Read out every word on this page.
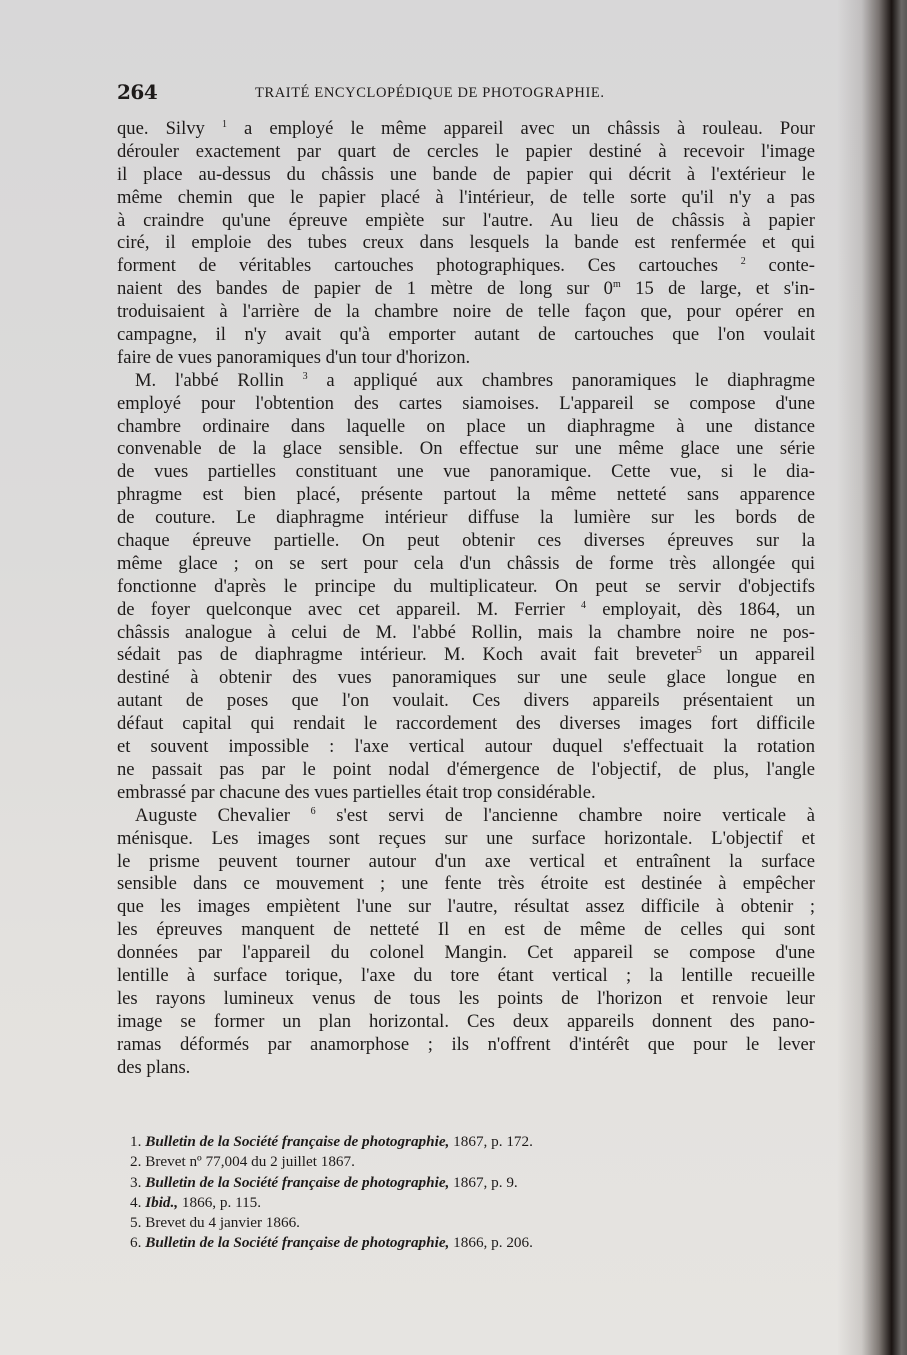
264	TRAITÉ ENCYCLOPÉDIQUE DE PHOTOGRAPHIE.
que. Silvy $^1$ a employé le même appareil avec un châssis à rouleau. Pour
dérouler exactement par quart de cercles le papier destiné à recevoir l'image
il place au-dessus du châssis une bande de papier qui décrit à l'extérieur le
même chemin que le papier placé à l'intérieur, de telle sorte qu'il n'y a pas
à craindre qu'une épreuve empiète sur l'autre. Au lieu de châssis à papier
ciré, il emploie des tubes creux dans lesquels la bande est renfermée et qui
forment de véritables cartouches photographiques. Ces cartouches $^2$ conte-
naient des bandes de papier de 1 mètre de long sur 0$^m$ 15 de large, et s'in-
troduisaient à l'arrière de la chambre noire de telle façon que, pour opérer en
campagne, il n'y avait qu'à emporter autant de cartouches que l'on voulait
faire de vues panoramiques d'un tour d'horizon.
M. l'abbé Rollin $^3$ a appliqué aux chambres panoramiques le diaphragme
employé pour l'obtention des cartes siamoises. L'appareil se compose d'une
chambre ordinaire dans laquelle on place un diaphragme à une distance
convenable de la glace sensible. On effectue sur une même glace une série
de vues partielles constituant une vue panoramique. Cette vue, si le dia-
phragme est bien placé, présente partout la même netteté sans apparence
de couture. Le diaphragme intérieur diffuse la lumière sur les bords de
chaque épreuve partielle. On peut obtenir ces diverses épreuves sur la
même glace ; on se sert pour cela d'un châssis de forme très allongée qui
fonctionne d'après le principe du multiplicateur. On peut se servir d'objectifs
de foyer quelconque avec cet appareil. M. Ferrier $^4$ employait, dès 1864, un
châssis analogue à celui de M. l'abbé Rollin, mais la chambre noire ne pos-
sédait pas de diaphragme intérieur. M. Koch avait fait breveter$^5$ un appareil
destiné à obtenir des vues panoramiques sur une seule glace longue en
autant de poses que l'on voulait. Ces divers appareils présentaient un
défaut capital qui rendait le raccordement des diverses images fort difficile
et souvent impossible : l'axe vertical autour duquel s'effectuait la rotation
ne passait pas par le point nodal d'émergence de l'objectif, de plus, l'angle
embrassé par chacune des vues partielles était trop considérable.
Auguste Chevalier $^6$ s'est servi de l'ancienne chambre noire verticale à
ménisque. Les images sont reçues sur une surface horizontale. L'objectif et
le prisme peuvent tourner autour d'un axe vertical et entraînent la surface
sensible dans ce mouvement ; une fente très étroite est destinée à empêcher
que les images empiètent l'une sur l'autre, résultat assez difficile à obtenir ;
les épreuves manquent de netteté Il en est de même de celles qui sont
données par l'appareil du colonel Mangin. Cet appareil se compose d'une
lentille à surface torique, l'axe du tore étant vertical ; la lentille recueille
les rayons lumineux venus de tous les points de l'horizon et renvoie leur
image se former un plan horizontal. Ces deux appareils donnent des pano-
ramas déformés par anamorphose ; ils n'offrent d'intérêt que pour le lever
des plans.
1. Bulletin de la Société française de photographie, 1867, p. 172.
2. Brevet nº 77,004 du 2 juillet 1867.
3. Bulletin de la Société française de photographie, 1867, p. 9.
4. Ibid., 1866, p. 115.
5. Brevet du 4 janvier 1866.
6. Bulletin de la Société française de photographie, 1866, p. 206.
